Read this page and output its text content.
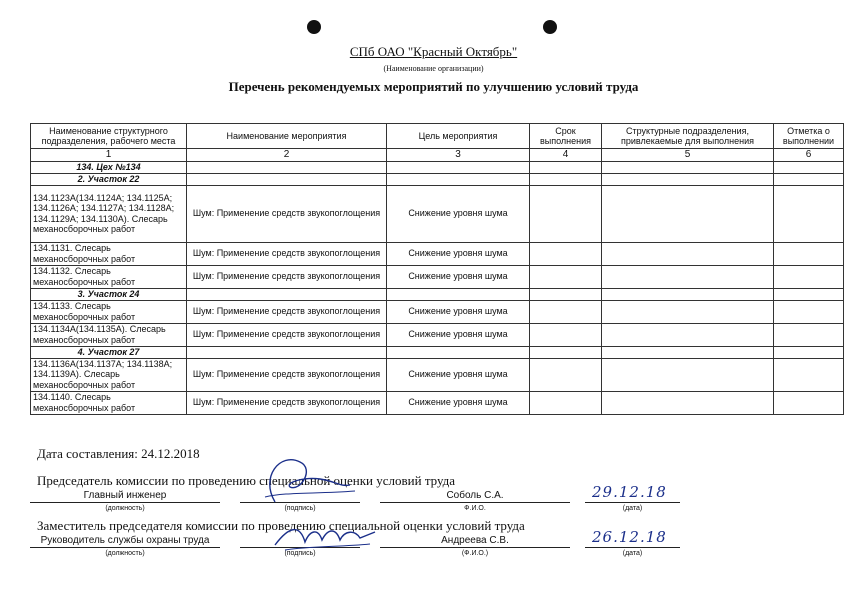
СПб ОАО "Красный Октябрь"
(Наименование организации)
Перечень рекомендуемых мероприятий по улучшению условий труда
Наименование структурного подразделения, рабочего места	Наименование мероприятия	Цель мероприятия	Срок выполнения	Структурные подразделения, привлекаемые для выполнения	Отметка о выполнении
1	2	3	4	5	6
134. Цех №134					
2. Участок 22					
134.1123А(134.1124А; 134.1125А; 134.1126А; 134.1127А; 134.1128А; 134.1129А; 134.1130А). Слесарь механосборочных работ	Шум: Применение средств звукопоглощения	Снижение уровня шума			
134.1131. Слесарь механосборочных работ	Шум: Применение средств звукопоглощения	Снижение уровня шума			
134.1132. Слесарь механосборочных работ	Шум: Применение средств звукопоглощения	Снижение уровня шума			
3. Участок 24					
134.1133. Слесарь механосборочных работ	Шум: Применение средств звукопоглощения	Снижение уровня шума			
134.1134А(134.1135А). Слесарь механосборочных работ	Шум: Применение средств звукопоглощения	Снижение уровня шума			
4. Участок 27					
134.1136А(134.1137А; 134.1138А; 134.1139А). Слесарь механосборочных работ	Шум: Применение средств звукопоглощения	Снижение уровня шума			
134.1140. Слесарь механосборочных работ	Шум: Применение средств звукопоглощения	Снижение уровня шума			
Дата составления: 24.12.2018
Председатель комиссии по проведению специальной оценки условий труда
Главный инженер
(должность)	(подпись)
Соболь С.А.
Ф.И.О.
29.12.18
(дата)
Заместитель председателя комиссии по проведению специальной оценки условий труда
Руководитель службы охраны труда
(должность)	(подпись)
Андреева С.В.
(Ф.И.О.)
26.12.18
(дата)
